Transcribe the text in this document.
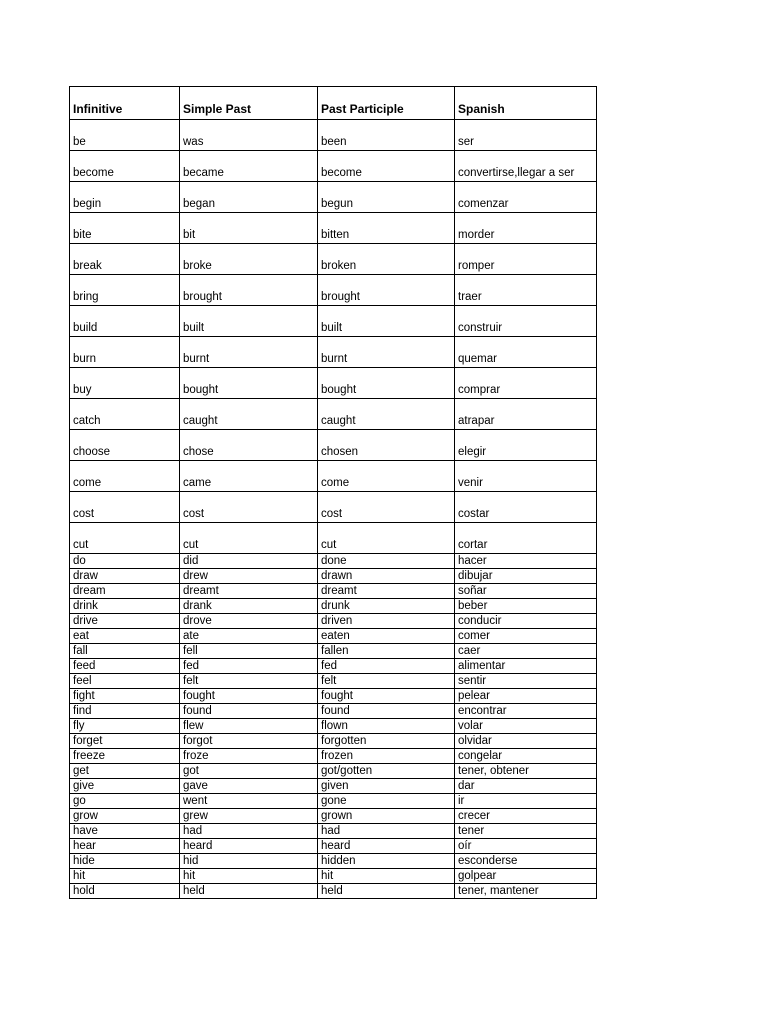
Infinitive	Simple Past	Past Participle	Spanish
be	was	been	ser
become	became	become	convertirse,llegar a ser
begin	began	begun	comenzar
bite	bit	bitten	morder
break	broke	broken	romper
bring	brought	brought	traer
build	built	built	construir
burn	burnt	burnt	quemar
buy	bought	bought	comprar
catch	caught	caught	atrapar
choose	chose	chosen	elegir
come	came	come	venir
cost	cost	cost	costar
cut	cut	cut	cortar
do	did	done	hacer
draw	drew	drawn	dibujar
dream	dreamt	dreamt	soñar
drink	drank	drunk	beber
drive	drove	driven	conducir
eat	ate	eaten	comer
fall	fell	fallen	caer
feed	fed	fed	alimentar
feel	felt	felt	sentir
fight	fought	fought	pelear
find	found	found	encontrar
fly	flew	flown	volar
forget	forgot	forgotten	olvidar
freeze	froze	frozen	congelar
get	got	got/gotten	tener, obtener
give	gave	given	dar
go	went	gone	ir
grow	grew	grown	crecer
have	had	had	tener
hear	heard	heard	oír
hide	hid	hidden	esconderse
hit	hit	hit	golpear
hold	held	held	tener, mantener
